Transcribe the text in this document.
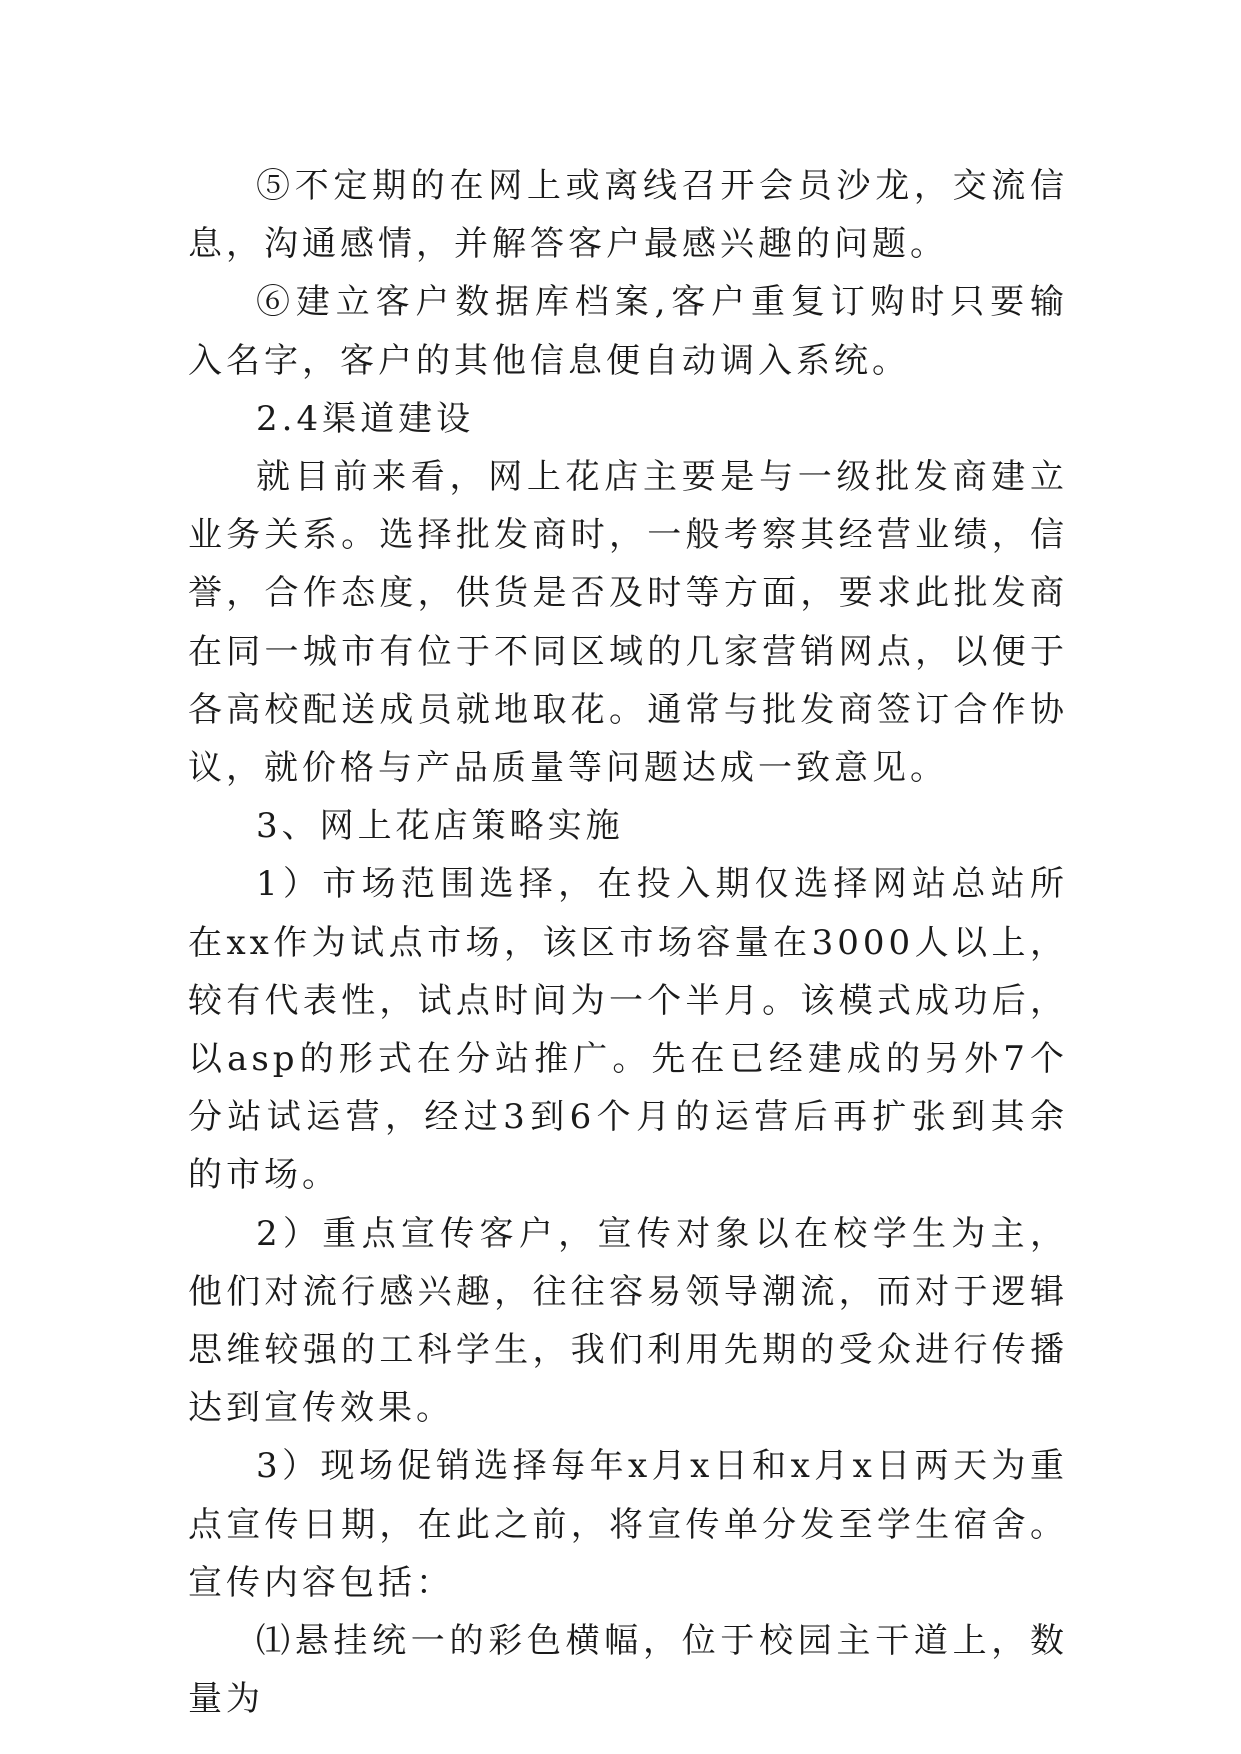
⑤不定期的在网上或离线召开会员沙龙，交流信息，沟通感情，并解答客户最感兴趣的问题。

⑥建立客户数据库档案,客户重复订购时只要输入名字，客户的其他信息便自动调入系统。

2.4渠道建设

就目前来看，网上花店主要是与一级批发商建立业务关系。选择批发商时，一般考察其经营业绩，信誉，合作态度，供货是否及时等方面，要求此批发商在同一城市有位于不同区域的几家营销网点，以便于各高校配送成员就地取花。通常与批发商签订合作协议，就价格与产品质量等问题达成一致意见。

3、网上花店策略实施

1）市场范围选择，在投入期仅选择网站总站所在xx作为试点市场，该区市场容量在3000人以上，较有代表性，试点时间为一个半月。该模式成功后，以asp的形式在分站推广。先在已经建成的另外7个分站试运营，经过3到6个月的运营后再扩张到其余的市场。

2）重点宣传客户，宣传对象以在校学生为主，他们对流行感兴趣，往往容易领导潮流，而对于逻辑思维较强的工科学生，我们利用先期的受众进行传播达到宣传效果。

3）现场促销选择每年x月x日和x月x日两天为重点宣传日期，在此之前，将宣传单分发至学生宿舍。宣传内容包括：

⑴悬挂统一的彩色横幅，位于校园主干道上，数量为
